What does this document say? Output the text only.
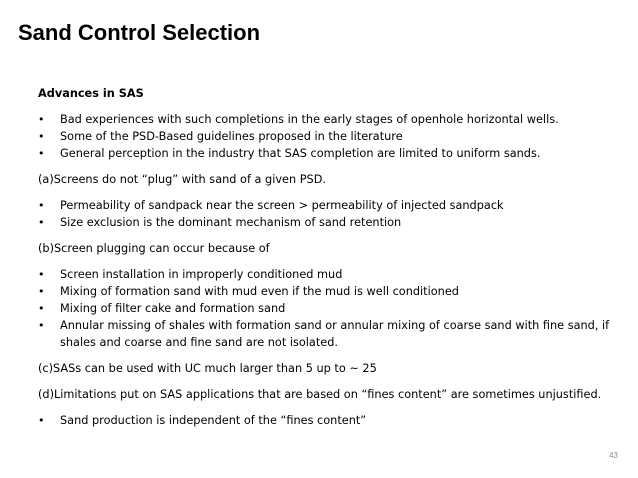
Sand Control Selection
Advances in SAS
• Bad experiences with such completions in the early stages of openhole horizontal wells.
• Some of the PSD-Based guidelines proposed in the literature
• General perception in the industry that SAS completion are limited to uniform sands.
(a)Screens do not “plug” with sand of a given PSD.
• Permeability of sandpack near the screen > permeability of injected sandpack
• Size exclusion is the dominant mechanism of sand retention
(b)Screen plugging can occur because of
• Screen installation in improperly conditioned mud
• Mixing of formation sand with mud even if the mud is well conditioned
• Mixing of filter cake and formation sand
• Annular missing of shales with formation sand or annular mixing of coarse sand with fine sand, if shales and coarse and fine sand are not isolated.
(c)SASs can be used with UC much larger than 5 up to ~ 25
(d)Limitations put on SAS applications that are based on “fines content” are sometimes unjustified.
• Sand production is independent of the “fines content”
43
